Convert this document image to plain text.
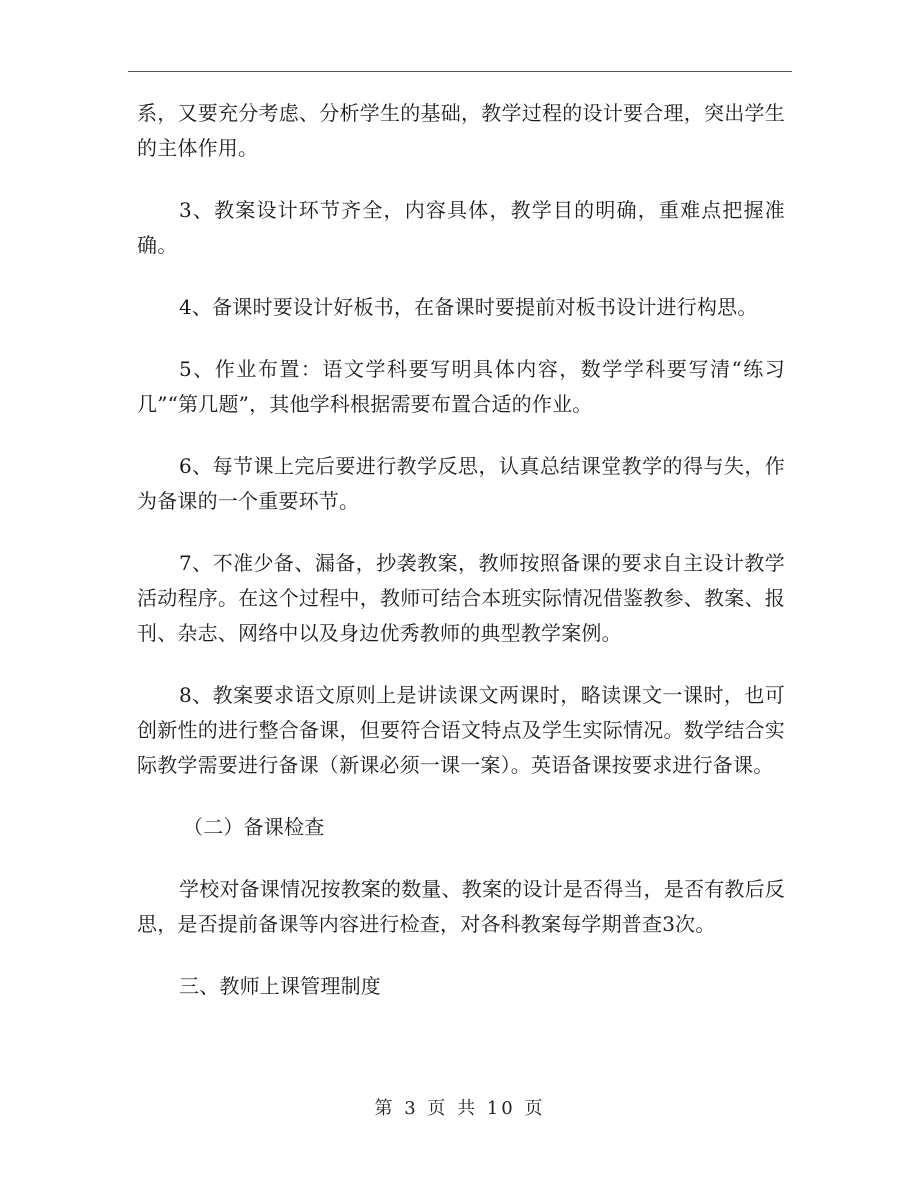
系，又要充分考虑、分析学生的基础，教学过程的设计要合理，突出学生的主体作用。

3、教案设计环节齐全，内容具体，教学目的明确，重难点把握准确。

4、备课时要设计好板书，在备课时要提前对板书设计进行构思。

5、作业布置：语文学科要写明具体内容，数学学科要写清“练习几”“第几题”，其他学科根据需要布置合适的作业。

6、每节课上完后要进行教学反思，认真总结课堂教学的得与失，作为备课的一个重要环节。

7、不准少备、漏备，抄袭教案，教师按照备课的要求自主设计教学活动程序。在这个过程中，教师可结合本班实际情况借鉴教参、教案、报刊、杂志、网络中以及身边优秀教师的典型教学案例。

8、教案要求语文原则上是讲读课文两课时，略读课文一课时，也可创新性的进行整合备课，但要符合语文特点及学生实际情况。数学结合实际教学需要进行备课（新课必须一课一案）。英语备课按要求进行备课。

（二）备课检查

学校对备课情况按教案的数量、教案的设计是否得当，是否有教后反思，是否提前备课等内容进行检查，对各科教案每学期普查3次。

三、教师上课管理制度

第 3 页 共 10 页
